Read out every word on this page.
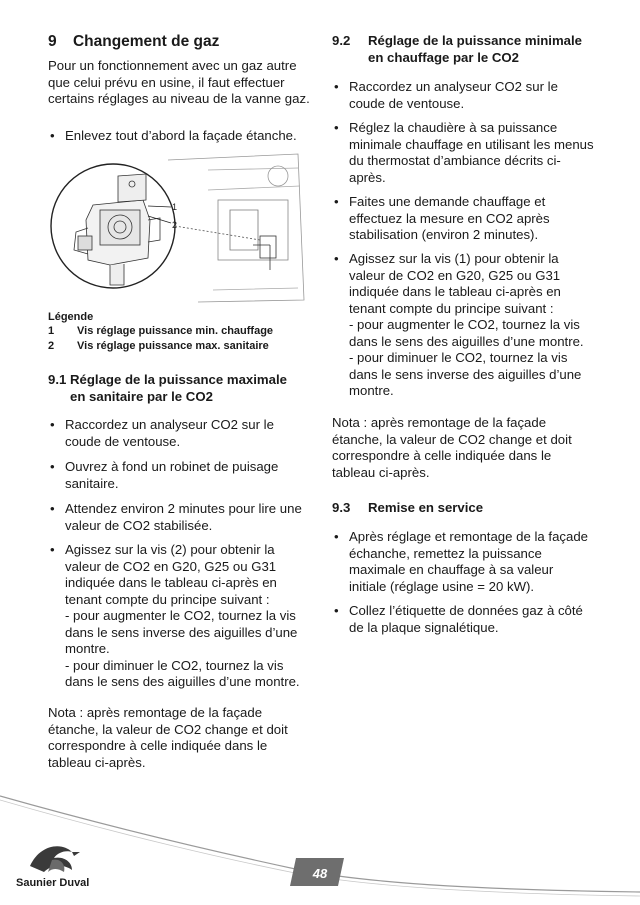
9 Changement de gaz

Pour un fonctionnement avec un gaz autre que celui prévu en usine, il faut effectuer certains réglages au niveau de la vanne gaz.

• Enlevez tout d’abord la façade étanche.
Légende
1 Vis réglage puissance min. chauffage
2 Vis réglage puissance max. sanitaire
9.1 Réglage de la puissance maximale en sanitaire par le CO2
• Raccordez un analyseur CO2 sur le coude de ventouse.
• Ouvrez à fond un robinet de puisage sanitaire.
• Attendez environ 2 minutes pour lire une valeur de CO2 stabilisée.

• Agissez sur la vis (2) pour obtenir la valeur de CO2 en G20, G25 ou G31 indiquée dans le tableau ci-après en tenant compte du principe suivant :
- pour augmenter le CO2, tournez la vis dans le sens inverse des aiguilles d’une montre.
- pour diminuer le CO2, tournez la vis dans le sens des aiguilles d’une montre.

Nota : après remontage de la façade étanche, la valeur de CO2 change et doit correspondre à celle indiquée dans le tableau ci-après.

1
2
9.2 Réglage de la puissance minimale en chauffage par le CO2
• Raccordez un analyseur CO2 sur le coude de ventouse.
• Réglez la chaudière à sa puissance minimale chauffage en utilisant les menus du thermostat d’ambiance décrits ci-après.
• Faites une demande chauffage et effectuez la mesure en CO2 après stabilisation (environ 2 minutes).

• Agissez sur la vis (1) pour obtenir la valeur de CO2 en G20, G25 ou G31 indiquée dans le tableau ci-après en tenant compte du principe suivant :
- pour augmenter le CO2, tournez la vis dans le sens des aiguilles d’une montre.
- pour diminuer le CO2, tournez la vis dans le sens inverse des aiguilles d’une montre.

Nota : après remontage de la façade étanche, la valeur de CO2 change et doit correspondre à celle indiquée dans le tableau ci-après.

9.3 Remise en service
• Après réglage et remontage de la façade échanche, remettez la puissance maximale en chauffage à sa valeur initiale (réglage usine = 20 kW).
• Collez l’étiquette de données gaz à côté de la plaque signalétique.
48
Saunier Duval
